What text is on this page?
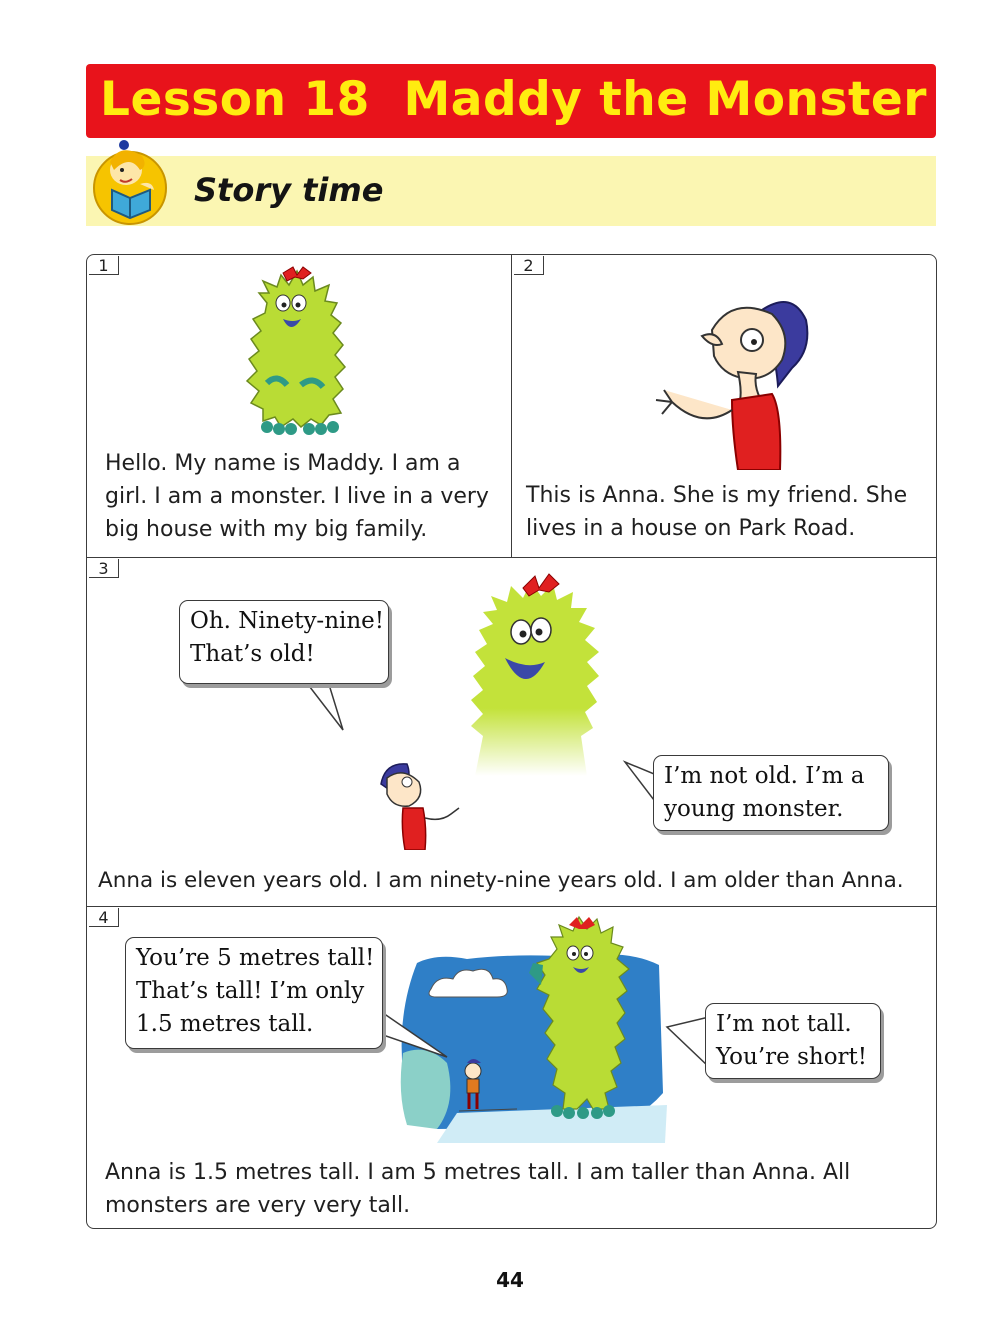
Lesson 18  Maddy the Monster
Story time
1
Hello. My name is Maddy. I am a
girl. I am a monster. I live in a very
big house with my big family.
2
This is Anna. She is my friend. She
lives in a house on Park Road.
3
Oh. Ninety-nine!
That’s old!
I’m not old. I’m a
young monster.
Anna is eleven years old. I am ninety-nine years old. I am older than Anna.
4
You’re 5 metres tall!
That’s tall! I’m only
1.5 metres tall.	I’m not tall.
You’re short!
Anna is 1.5 metres tall. I am 5 metres tall. I am taller than Anna. All
monsters are very very tall.
44
